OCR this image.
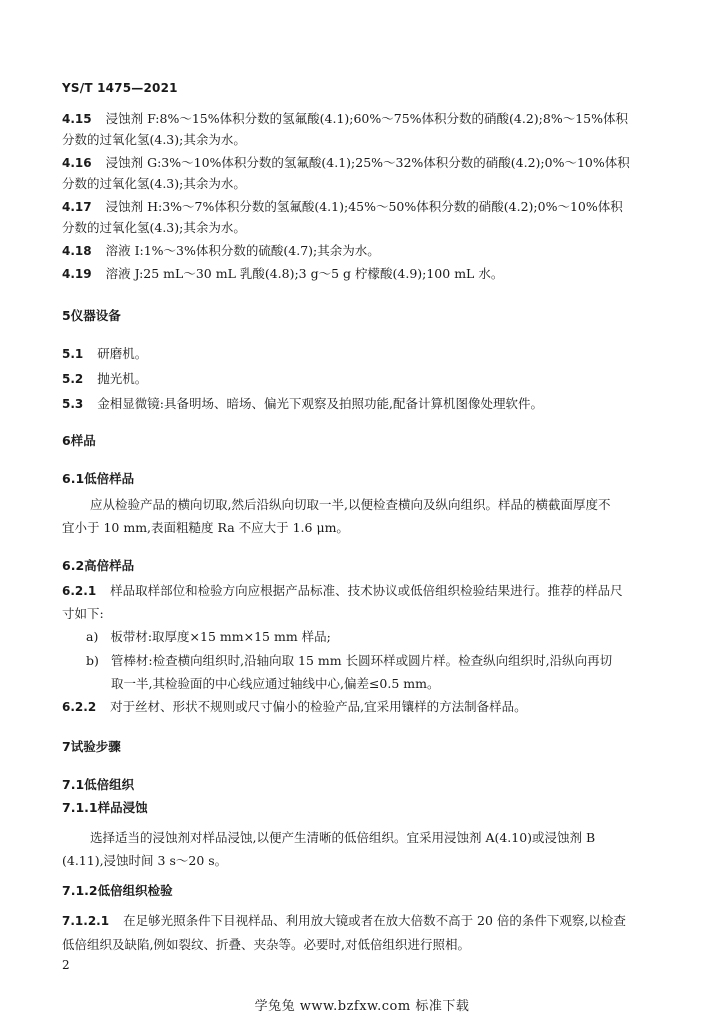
YS/T 1475—2021
4.15 浸蚀剂 F:8%～15%体积分数的氢氟酸(4.1);60%～75%体积分数的硝酸(4.2);8%～15%体积
分数的过氧化氢(4.3);其余为水。
4.16 浸蚀剂 G:3%～10%体积分数的氢氟酸(4.1);25%～32%体积分数的硝酸(4.2);0%～10%体积
分数的过氧化氢(4.3);其余为水。
4.17 浸蚀剂 H:3%～7%体积分数的氢氟酸(4.1);45%～50%体积分数的硝酸(4.2);0%～10%体积
分数的过氧化氢(4.3);其余为水。
4.18 溶液 I:1%～3%体积分数的硫酸(4.7);其余为水。
4.19 溶液 J:25 mL～30 mL 乳酸(4.8);3 g～5 g 柠檬酸(4.9);100 mL 水。
5仪器设备
5.1 研磨机。
5.2 抛光机。
5.3 金相显微镜:具备明场、暗场、偏光下观察及拍照功能,配备计算机图像处理软件。
6样品
6.1低倍样品
应从检验产品的横向切取,然后沿纵向切取一半,以便检查横向及纵向组织。样品的横截面厚度不
宜小于 10 mm,表面粗糙度 Ra 不应大于 1.6 μm。
6.2高倍样品
6.2.1 样品取样部位和检验方向应根据产品标准、技术协议或低倍组织检验结果进行。推荐的样品尺
寸如下:
a) 板带材:取厚度×15 mm×15 mm 样品;
b) 管棒材:检查横向组织时,沿轴向取 15 mm 长圆环样或圆片样。检查纵向组织时,沿纵向再切
取一半,其检验面的中心线应通过轴线中心,偏差≤0.5 mm。
6.2.2 对于丝材、形状不规则或尺寸偏小的检验产品,宜采用镶样的方法制备样品。
7试验步骤
7.1低倍组织
7.1.1样品浸蚀
选择适当的浸蚀剂对样品浸蚀,以便产生清晰的低倍组织。宜采用浸蚀剂 A(4.10)或浸蚀剂 B
(4.11),浸蚀时间 3 s～20 s。
7.1.2低倍组织检验
7.1.2.1 在足够光照条件下目视样品、利用放大镜或者在放大倍数不高于 20 倍的条件下观察,以检查
低倍组织及缺陷,例如裂纹、折叠、夹杂等。必要时,对低倍组织进行照相。
2
学兔兔 www.bzfxw.com 标准下载
